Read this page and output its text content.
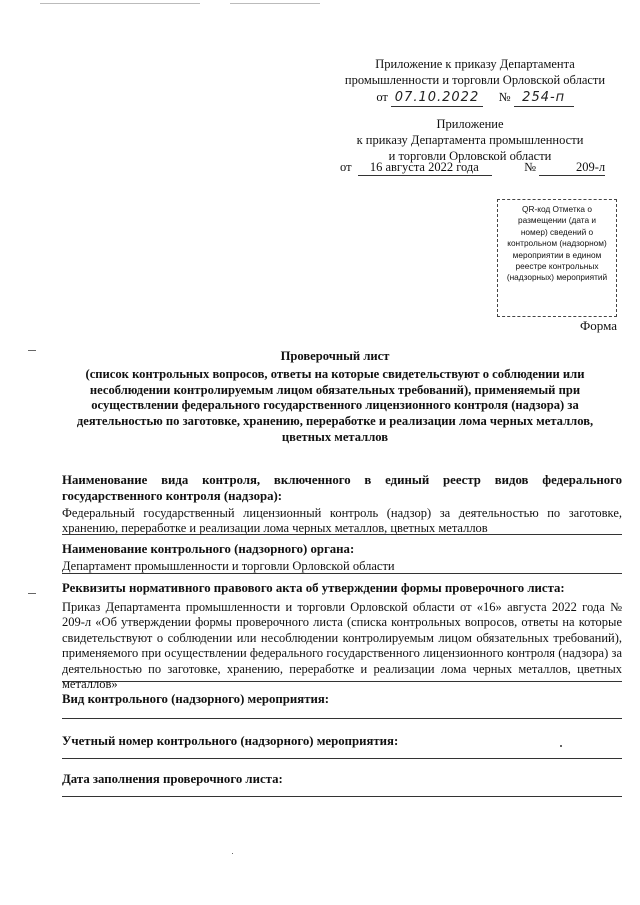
Приложение к приказу Департамента
промышленности и торговли Орловской области
от 07.10.2022 № 254-п
Приложение
к приказу Департамента промышленности
и торговли Орловской области
от 16 августа 2022 года	№	209-л
QR-код Отметка о размещении (дата и номер) сведений о контрольном (надзорном) мероприятии в едином реестре контрольных (надзорных) мероприятий
Форма
Проверочный лист
(список контрольных вопросов, ответы на которые свидетельствуют о соблюдении или несоблюдении контролируемым лицом обязательных требований), применяемый при осуществлении федерального государственного лицензионного контроля (надзора) за деятельностью по заготовке, хранению, переработке и реализации лома черных металлов, цветных металлов
Наименование вида контроля, включенного в единый реестр видов федерального государственного контроля (надзора):
Федеральный государственный лицензионный контроль (надзор) за деятельностью по заготовке, хранению, переработке и реализации лома черных металлов, цветных металлов
Наименование контрольного (надзорного) органа:
Департамент промышленности и торговли Орловской области
Реквизиты нормативного правового акта об утверждении формы проверочного листа:
Приказ Департамента промышленности и торговли Орловской области от «16» августа 2022 года № 209-л «Об утверждении формы проверочного листа (списка контрольных вопросов, ответы на которые свидетельствуют о соблюдении или несоблюдении контролируемым лицом обязательных требований), применяемого при осуществлении федерального государственного лицензионного контроля (надзора) за деятельностью по заготовке, хранению, переработке и реализации лома черных металлов, цветных металлов»
Вид контрольного (надзорного) мероприятия:
Учетный номер контрольного (надзорного) мероприятия:
Дата заполнения проверочного листа:
